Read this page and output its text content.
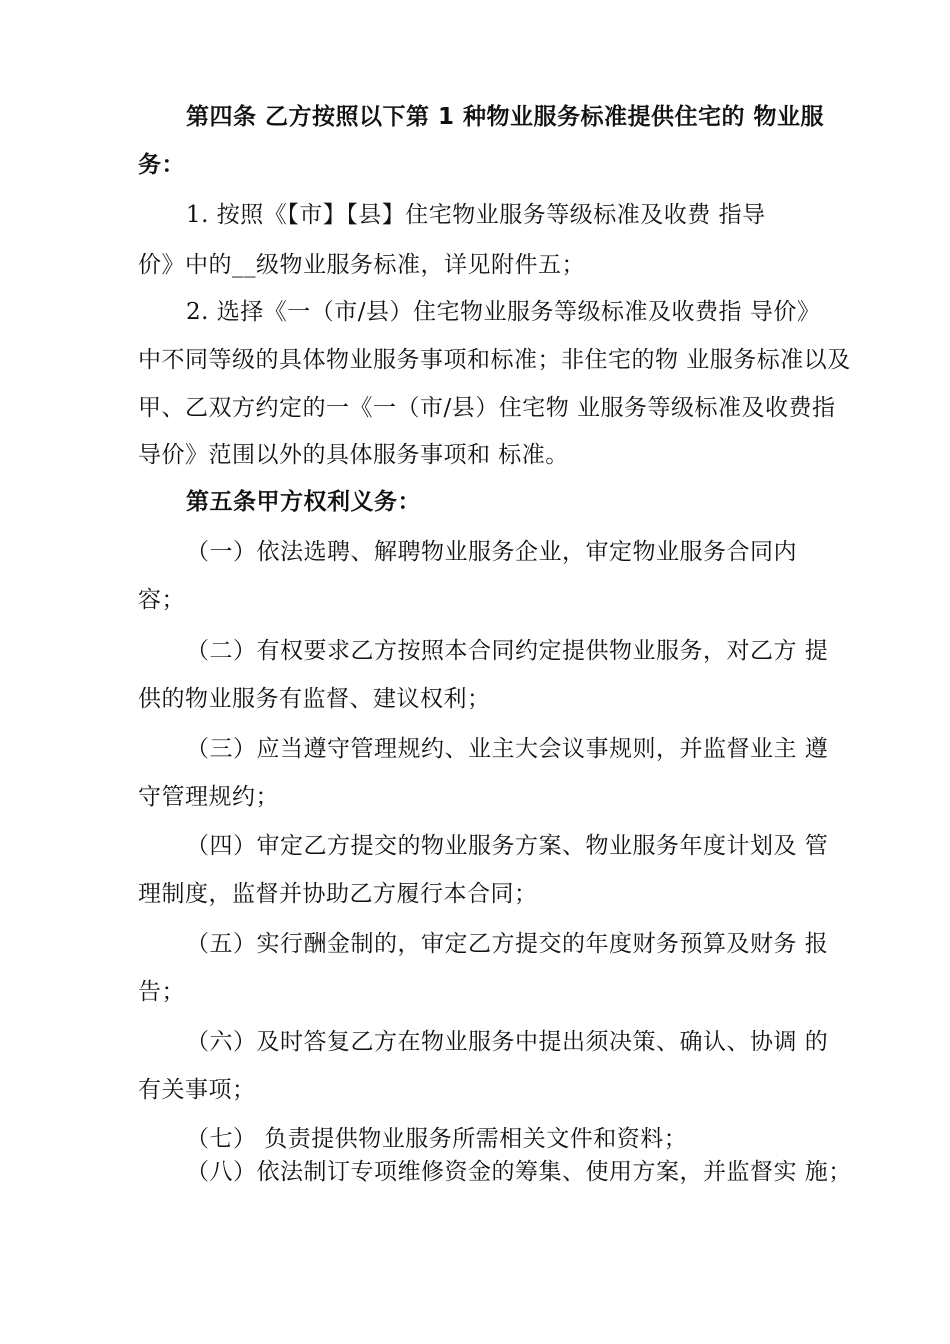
第四条 乙方按照以下第 1 种物业服务标准提供住宅的 物业服
务：
1. 按照《【市】【县】住宅物业服务等级标准及收费 指导
价》中的__级物业服务标准，详见附件五；
2. 选择《一（市/县）住宅物业服务等级标准及收费指 导价》
中不同等级的具体物业服务事项和标准；非住宅的物 业服务标准以及
甲、乙双方约定的一《一（市/县）住宅物 业服务等级标准及收费指
导价》范围以外的具体服务事项和 标准。
第五条甲方权利义务：
（一）依法选聘、解聘物业服务企业，审定物业服务合同内
容；
（二）有权要求乙方按照本合同约定提供物业服务，对乙方 提
供的物业服务有监督、建议权利；
（三）应当遵守管理规约、业主大会议事规则，并监督业主 遵
守管理规约；
（四）审定乙方提交的物业服务方案、物业服务年度计划及 管
理制度，监督并协助乙方履行本合同；
（五）实行酬金制的，审定乙方提交的年度财务预算及财务 报
告；
（六）及时答复乙方在物业服务中提出须决策、确认、协调 的
有关事项；
（七） 负责提供物业服务所需相关文件和资料；
（八）依法制订专项维修资金的筹集、使用方案，并监督实 施；
